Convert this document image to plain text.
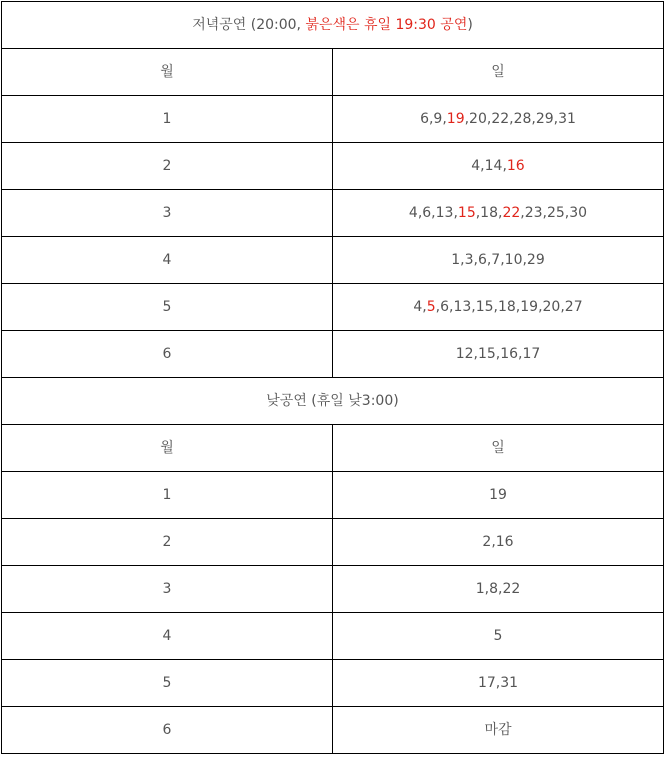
저녁공연 (20:00, 붉은색은 휴일 19:30 공연)	
월	일
1	6,9,19,20,22,28,29,31
2	4,14,16
3	4,6,13,15,18,22,23,25,30
4	1,3,6,7,10,29
5	4,5,6,13,15,18,19,20,27
6	12,15,16,17
낮공연 (휴일 낮3:00)	
월	일
1	19
2	2,16
3	1,8,22
4	5
5	17,31
6	마감
